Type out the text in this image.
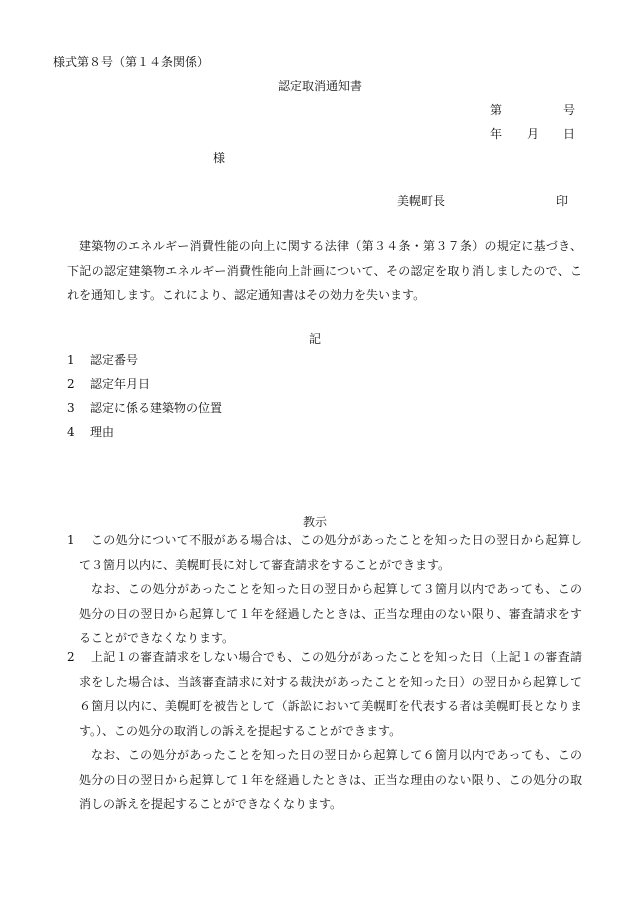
様式第８号（第１４条関係）
認定取消通知書
第	号
年 月 日
様
美幌町長	印

建築物のエネルギー消費性能の向上に関する法律（第３４条・第３７条）の規定に基づき、下記の認定建築物エネルギー消費性能向上計画について、その認定を取り消しましたので、これを通知します。これにより、認定通知書はその効力を失います。

記
1 認定番号
2 認定年月日
3 認定に係る建築物の位置
4 理由
教示
1	この処分について不服がある場合は、この処分があったことを知った日の翌日から起算して３箇月以内に、美幌町長に対して審査請求をすることができます。

なお、この処分があったことを知った日の翌日から起算して３箇月以内であっても、この処分の日の翌日から起算して１年を経過したときは、正当な理由のない限り、審査請求をすることができなくなります。

2	上記１の審査請求をしない場合でも、この処分があったことを知った日（上記１の審査請求をした場合は、当該審査請求に対する裁決があったことを知った日）の翌日から起算して６箇月以内に、美幌町を被告として（訴訟において美幌町を代表する者は美幌町長となります。）、この処分の取消しの訴えを提起することができます。

なお、この処分があったことを知った日の翌日から起算して６箇月以内であっても、この処分の日の翌日から起算して１年を経過したときは、正当な理由のない限り、この処分の取消しの訴えを提起することができなくなります。
